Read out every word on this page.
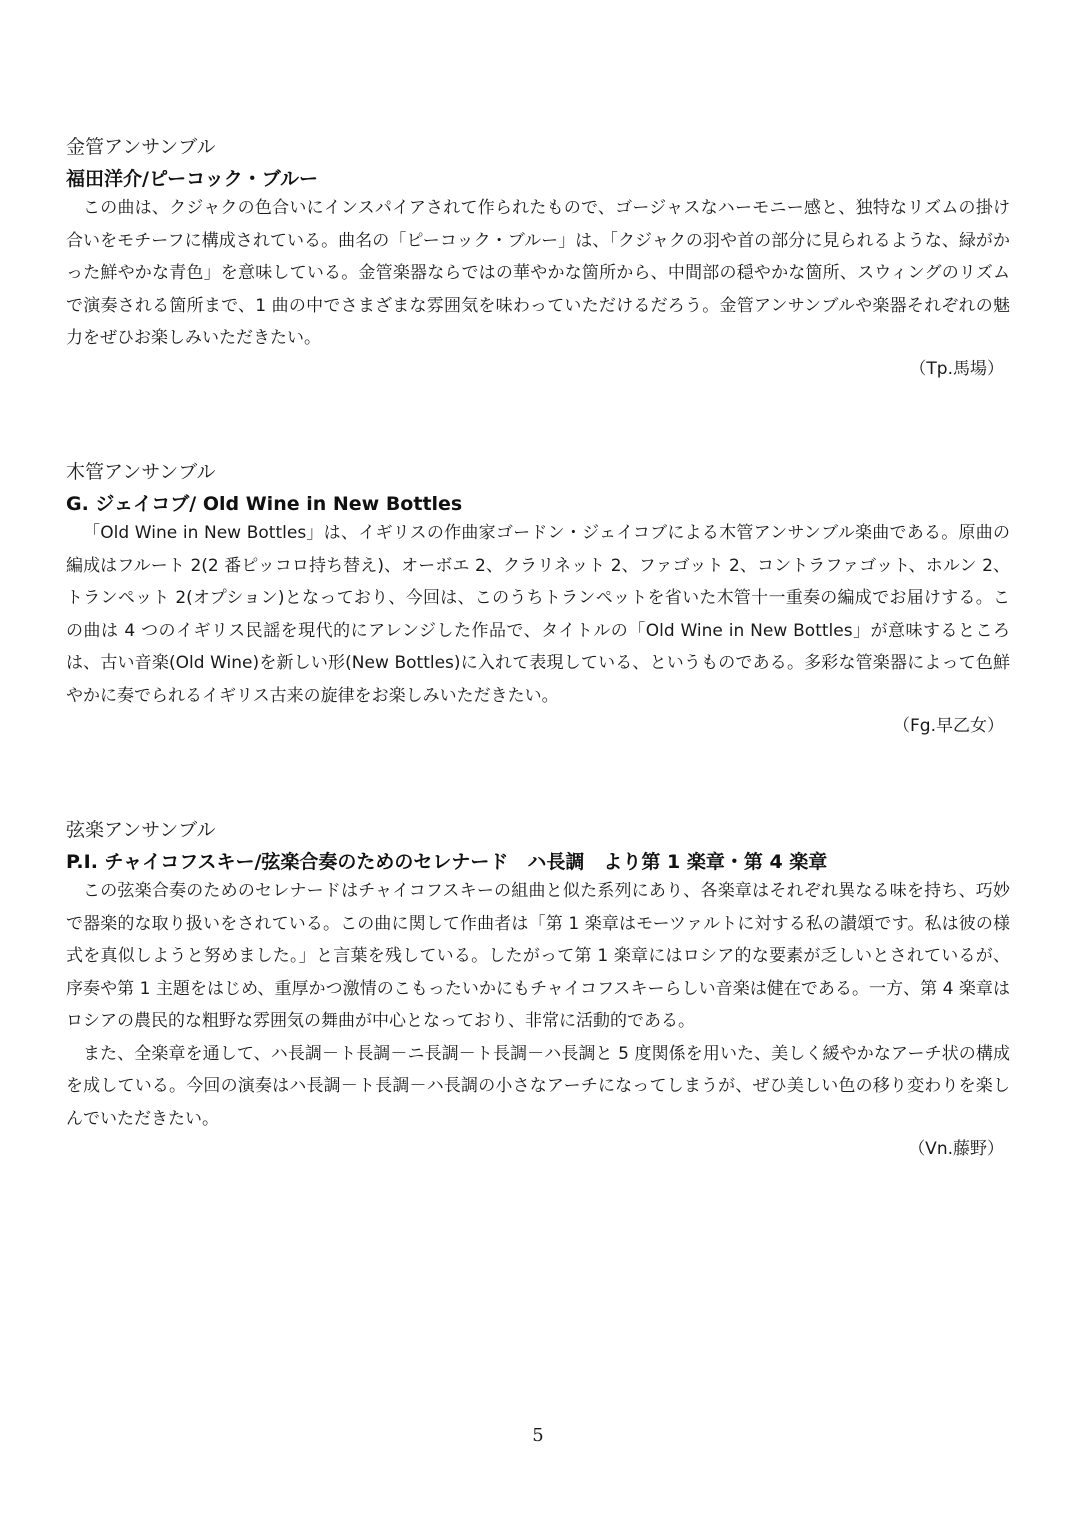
金管アンサンブル
福田洋介/ピーコック・ブルー

この曲は、クジャクの色合いにインスパイアされて作られたもので、ゴージャスなハーモニー感と、独特なリズムの掛け合いをモチーフに構成されている。曲名の「ピーコック・ブルー」は、「クジャクの羽や首の部分に見られるような、緑がかった鮮やかな青色」を意味している。金管楽器ならではの華やかな箇所から、中間部の穏やかな箇所、スウィングのリズムで演奏される箇所まで、1 曲の中でさまざまな雰囲気を味わっていただけるだろう。金管アンサンブルや楽器それぞれの魅力をぜひお楽しみいただきたい。

（Tp.馬場）
木管アンサンブル
G. ジェイコブ/ Old Wine in New Bottles

「Old Wine in New Bottles」は、イギリスの作曲家ゴードン・ジェイコブによる木管アンサンブル楽曲である。原曲の編成はフルート 2(2 番ピッコロ持ち替え)、オーボエ 2、クラリネット 2、ファゴット 2、コントラファゴット、ホルン 2、トランペット 2(オプション)となっており、今回は、このうちトランペットを省いた木管十一重奏の編成でお届けする。この曲は 4 つのイギリス民謡を現代的にアレンジした作品で、タイトルの「Old Wine in New Bottles」が意味するところは、古い音楽(Old Wine)を新しい形(New Bottles)に入れて表現している、というものである。多彩な管楽器によって色鮮やかに奏でられるイギリス古来の旋律をお楽しみいただきたい。

（Fg.早乙女）
弦楽アンサンブル
P.I. チャイコフスキー/弦楽合奏のためのセレナード　ハ長調　より第 1 楽章・第 4 楽章

この弦楽合奏のためのセレナードはチャイコフスキーの組曲と似た系列にあり、各楽章はそれぞれ異なる味を持ち、巧妙で器楽的な取り扱いをされている。この曲に関して作曲者は「第 1 楽章はモーツァルトに対する私の讃頌です。私は彼の様式を真似しようと努めました。」と言葉を残している。したがって第 1 楽章にはロシア的な要素が乏しいとされているが、序奏や第 1 主題をはじめ、重厚かつ激情のこもったいかにもチャイコフスキーらしい音楽は健在である。一方、第 4 楽章はロシアの農民的な粗野な雰囲気の舞曲が中心となっており、非常に活動的である。

また、全楽章を通して、ハ長調－ト長調－ニ長調－ト長調－ハ長調と 5 度関係を用いた、美しく緩やかなアーチ状の構成を成している。今回の演奏はハ長調－ト長調－ハ長調の小さなアーチになってしまうが、ぜひ美しい色の移り変わりを楽しんでいただきたい。

（Vn.藤野）
5
